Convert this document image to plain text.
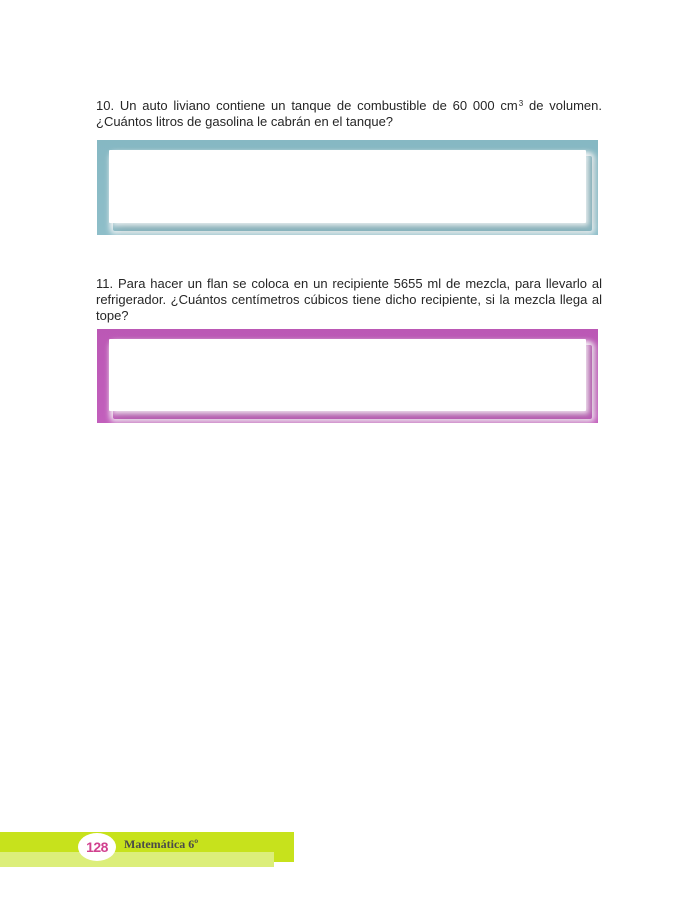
10. Un auto liviano contiene un tanque de combustible de 60 000 $cm^3$ de volumen. ¿Cuántos litros de gasolina le cabrán en el tanque?
11. Para hacer un flan se coloca en un recipiente 5655 ml de mezcla, para llevarlo al refrigerador. ¿Cuántos centímetros cúbicos tiene dicho recipiente, si la mezcla llega al tope?
128 Matemática 6º
